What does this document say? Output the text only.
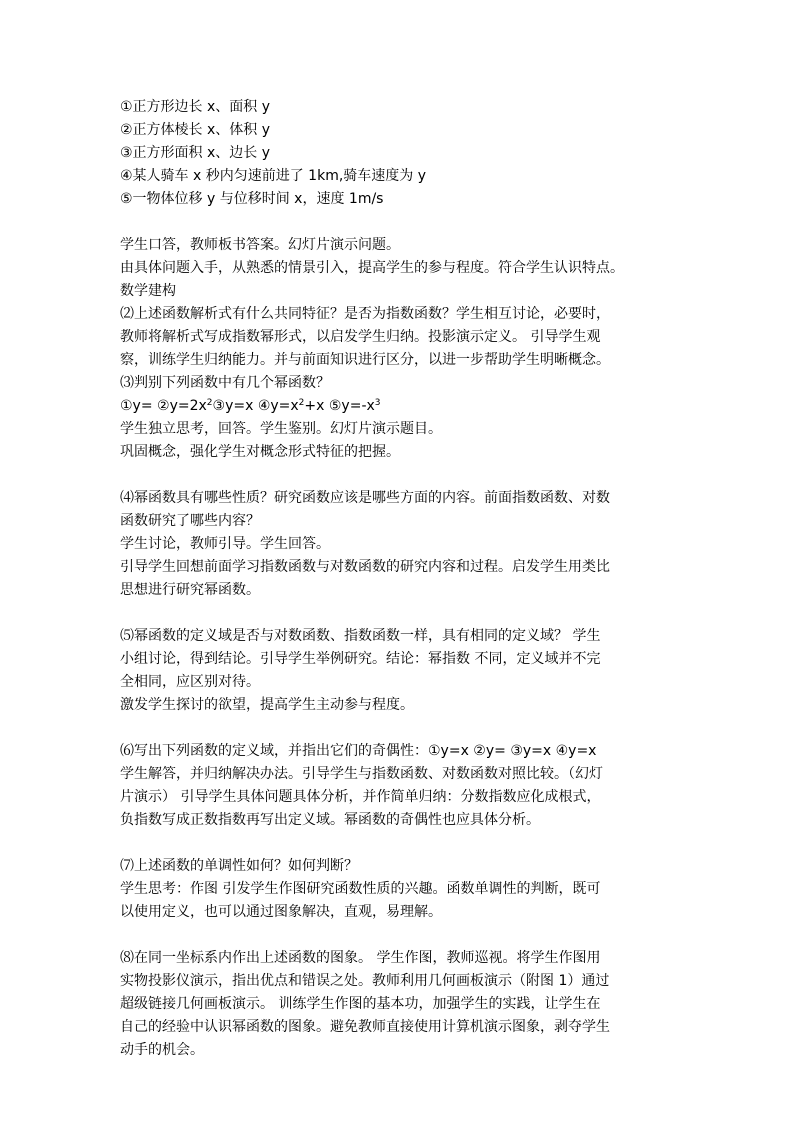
①正方形边长 x、面积 y

②正方体棱长 x、体积 y

③正方形面积 x、边长 y

④某人骑车 x 秒内匀速前进了 1km,骑车速度为 y

⑤一物体位移 y 与位移时间 x，速度 1m/s

学生口答，教师板书答案。幻灯片演示问题。

由具体问题入手，从熟悉的情景引入，提高学生的参与程度。符合学生认识特点。

数学建构

⑵上述函数解析式有什么共同特征？是否为指数函数？学生相互讨论，必要时，

教师将解析式写成指数幂形式，以启发学生归纳。投影演示定义。 引导学生观

察，训练学生归纳能力。并与前面知识进行区分，以进一步帮助学生明晰概念。

⑶判别下列函数中有几个幂函数？

①y= $②y=2x^2③y=x$ $④y=x^2+x$ $⑤y=-x^3$

学生独立思考，回答。学生鉴别。幻灯片演示题目。

巩固概念，强化学生对概念形式特征的把握。

⑷幂函数具有哪些性质？研究函数应该是哪些方面的内容。前面指数函数、对数

函数研究了哪些内容？

学生讨论，教师引导。学生回答。

引导学生回想前面学习指数函数与对数函数的研究内容和过程。启发学生用类比

思想进行研究幂函数。

⑸幂函数的定义域是否与对数函数、指数函数一样，具有相同的定义域？ 学生

小组讨论，得到结论。引导学生举例研究。结论：幂指数 不同，定义域并不完

全相同，应区别对待。

激发学生探讨的欲望，提高学生主动参与程度。

⑹写出下列函数的定义域，并指出它们的奇偶性：①y=x ②y= ③y=x ④y=x

学生解答，并归纳解决办法。引导学生与指数函数、对数函数对照比较。（幻灯

片演示） 引导学生具体问题具体分析，并作简单归纳：分数指数应化成根式，

负指数写成正数指数再写出定义域。幂函数的奇偶性也应具体分析。

⑺上述函数的单调性如何？如何判断？

学生思考：作图 引发学生作图研究函数性质的兴趣。函数单调性的判断，既可

以使用定义，也可以通过图象解决，直观，易理解。

⑻在同一坐标系内作出上述函数的图象。 学生作图，教师巡视。将学生作图用

实物投影仪演示，指出优点和错误之处。教师利用几何画板演示（附图 1）通过

超级链接几何画板演示。 训练学生作图的基本功，加强学生的实践，让学生在

自己的经验中认识幂函数的图象。避免教师直接使用计算机演示图象，剥夺学生

动手的机会。
